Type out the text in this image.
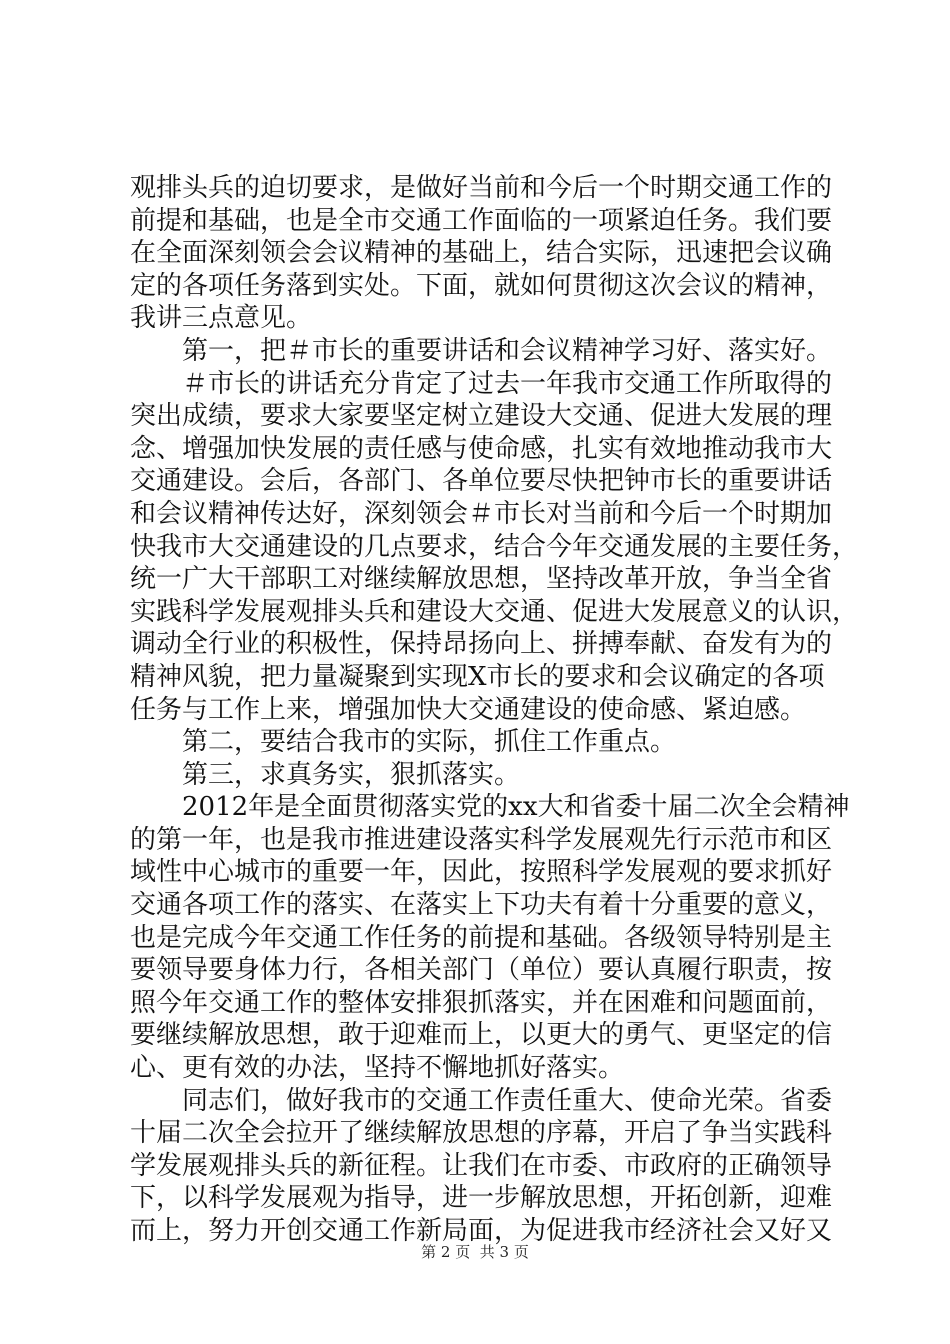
观排头兵的迫切要求，是做好当前和今后一个时期交通工作的
前提和基础，也是全市交通工作面临的一项紧迫任务。我们要
在全面深刻领会会议精神的基础上，结合实际，迅速把会议确
定的各项任务落到实处。下面，就如何贯彻这次会议的精神，
我讲三点意见。
第一，把＃市长的重要讲话和会议精神学习好、落实好。
＃市长的讲话充分肯定了过去一年我市交通工作所取得的
突出成绩，要求大家要坚定树立建设大交通、促进大发展的理
念、增强加快发展的责任感与使命感，扎实有效地推动我市大
交通建设。会后，各部门、各单位要尽快把钟市长的重要讲话
和会议精神传达好，深刻领会＃市长对当前和今后一个时期加
快我市大交通建设的几点要求，结合今年交通发展的主要任务，
统一广大干部职工对继续解放思想，坚持改革开放，争当全省
实践科学发展观排头兵和建设大交通、促进大发展意义的认识，
调动全行业的积极性，保持昂扬向上、拼搏奉献、奋发有为的
精神风貌，把力量凝聚到实现X市长的要求和会议确定的各项
任务与工作上来，增强加快大交通建设的使命感、紧迫感。
第二，要结合我市的实际，抓住工作重点。
第三，求真务实，狠抓落实。
2012年是全面贯彻落实党的xx大和省委十届二次全会精神
的第一年，也是我市推进建设落实科学发展观先行示范市和区
域性中心城市的重要一年，因此，按照科学发展观的要求抓好
交通各项工作的落实、在落实上下功夫有着十分重要的意义，
也是完成今年交通工作任务的前提和基础。各级领导特别是主
要领导要身体力行，各相关部门（单位）要认真履行职责，按
照今年交通工作的整体安排狠抓落实，并在困难和问题面前，
要继续解放思想，敢于迎难而上，以更大的勇气、更坚定的信
心、更有效的办法，坚持不懈地抓好落实。
同志们，做好我市的交通工作责任重大、使命光荣。省委
十届二次全会拉开了继续解放思想的序幕，开启了争当实践科
学发展观排头兵的新征程。让我们在市委、市政府的正确领导
下，以科学发展观为指导，进一步解放思想，开拓创新，迎难
而上，努力开创交通工作新局面，为促进我市经济社会又好又
第 2 页  共 3 页
